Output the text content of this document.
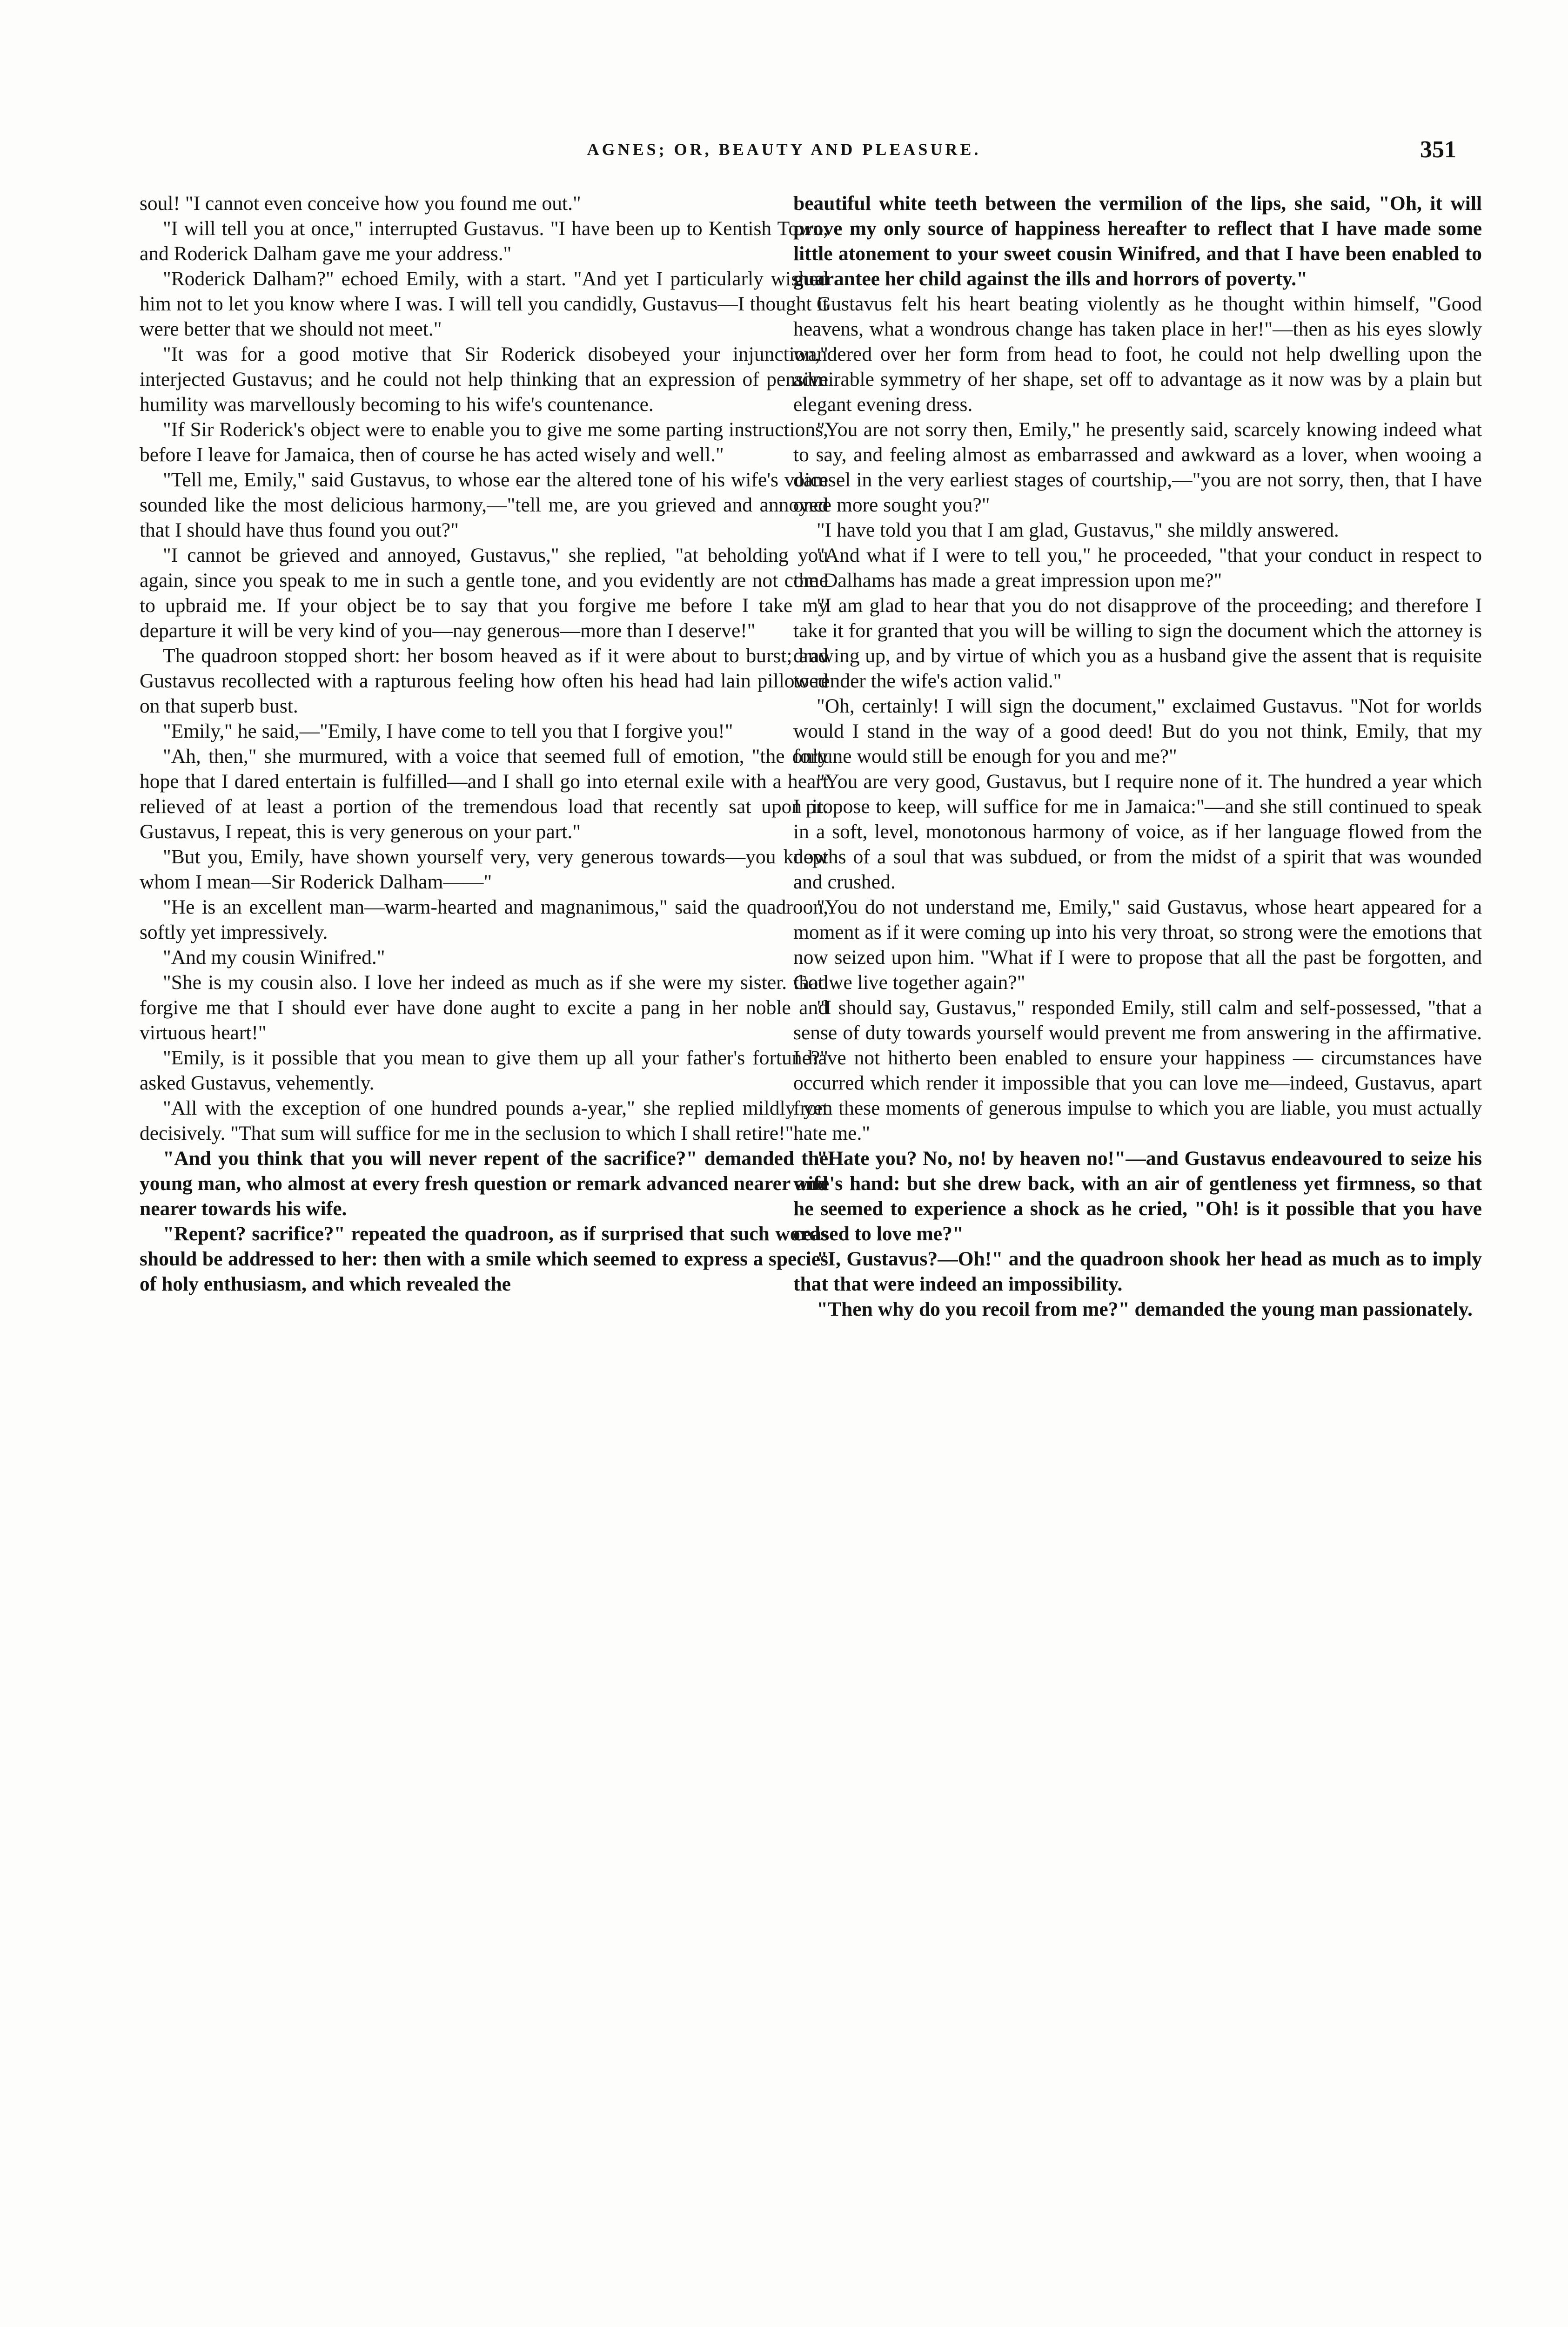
AGNES; OR, BEAUTY AND PLEASURE.	351

soul! "I cannot even conceive how you found me out."

"I will tell you at once," interrupted Gustavus. "I have been up to Kentish Town, and Roderick Dalham gave me your address."

"Roderick Dalham?" echoed Emily, with a start. "And yet I particularly wished him not to let you know where I was. I will tell you candidly, Gustavus—I thought it were better that we should not meet."

"It was for a good motive that Sir Roderick disobeyed your injunction," interjected Gustavus; and he could not help thinking that an expression of pensive humility was marvellously becoming to his wife's countenance.

"If Sir Roderick's object were to enable you to give me some parting instructions, before I leave for Jamaica, then of course he has acted wisely and well."

"Tell me, Emily," said Gustavus, to whose ear the altered tone of his wife's voice sounded like the most delicious harmony,—"tell me, are you grieved and annoyed that I should have thus found you out?"

"I cannot be grieved and annoyed, Gustavus," she replied, "at beholding you again, since you speak to me in such a gentle tone, and you evidently are not come to upbraid me. If your object be to say that you forgive me before I take my departure it will be very kind of you—nay generous—more than I deserve!"

The quadroon stopped short: her bosom heaved as if it were about to burst; and Gustavus recollected with a rapturous feeling how often his head had lain pillowed on that superb bust.

"Emily," he said,—"Emily, I have come to tell you that I forgive you!"

"Ah, then," she murmured, with a voice that seemed full of emotion, "the only hope that I dared entertain is fulfilled—and I shall go into eternal exile with a heart relieved of at least a portion of the tremendous load that recently sat upon it. Gustavus, I repeat, this is very generous on your part."

"But you, Emily, have shown yourself very, very generous towards—you know whom I mean—Sir Roderick Dalham——"

"He is an excellent man—warm-hearted and magnanimous," said the quadroon, softly yet impressively.

"And my cousin Winifred."

"She is my cousin also. I love her indeed as much as if she were my sister. God forgive me that I should ever have done aught to excite a pang in her noble and virtuous heart!"

"Emily, is it possible that you mean to give them up all your father's fortune?" asked Gustavus, vehemently.

"All with the exception of one hundred pounds a-year," she replied mildly yet decisively. "That sum will suffice for me in the seclusion to which I shall retire!"

"And you think that you will never repent of the sacrifice?" demanded the young man, who almost at every fresh question or remark advanced nearer and nearer towards his wife.

"Repent? sacrifice?" repeated the quadroon, as if surprised that such words should be addressed to her: then with a smile which seemed to express a species of holy enthusiasm, and which revealed the

beautiful white teeth between the vermilion of the lips, she said, "Oh, it will prove my only source of happiness hereafter to reflect that I have made some little atonement to your sweet cousin Winifred, and that I have been enabled to guarantee her child against the ills and horrors of poverty."

Gustavus felt his heart beating violently as he thought within himself, "Good heavens, what a wondrous change has taken place in her!"—then as his eyes slowly wandered over her form from head to foot, he could not help dwelling upon the admirable symmetry of her shape, set off to advantage as it now was by a plain but elegant evening dress.

"You are not sorry then, Emily," he presently said, scarcely knowing indeed what to say, and feeling almost as embarrassed and awkward as a lover, when wooing a damsel in the very earliest stages of courtship,—"you are not sorry, then, that I have once more sought you?"

"I have told you that I am glad, Gustavus," she mildly answered.

"And what if I were to tell you," he proceeded, "that your conduct in respect to the Dalhams has made a great impression upon me?"

"I am glad to hear that you do not disapprove of the proceeding; and therefore I take it for granted that you will be willing to sign the document which the attorney is drawing up, and by virtue of which you as a husband give the assent that is requisite to render the wife's action valid."

"Oh, certainly! I will sign the document," exclaimed Gustavus. "Not for worlds would I stand in the way of a good deed! But do you not think, Emily, that my fortune would still be enough for you and me?"

"You are very good, Gustavus, but I require none of it. The hundred a year which I propose to keep, will suffice for me in Jamaica:"—and she still continued to speak in a soft, level, monotonous harmony of voice, as if her language flowed from the depths of a soul that was subdued, or from the midst of a spirit that was wounded and crushed.

"You do not understand me, Emily," said Gustavus, whose heart appeared for a moment as if it were coming up into his very throat, so strong were the emotions that now seized upon him. "What if I were to propose that all the past be forgotten, and that we live together again?"

"I should say, Gustavus," responded Emily, still calm and self-possessed, "that a sense of duty towards yourself would prevent me from answering in the affirmative. I have not hitherto been enabled to ensure your happiness — circumstances have occurred which render it impossible that you can love me—indeed, Gustavus, apart from these moments of generous impulse to which you are liable, you must actually hate me."

"Hate you? No, no! by heaven no!"—and Gustavus endeavoured to seize his wife's hand: but she drew back, with an air of gentleness yet firmness, so that he seemed to experience a shock as he cried, "Oh! is it possible that you have ceased to love me?"

"I, Gustavus?—Oh!" and the quadroon shook her head as much as to imply that that were indeed an impossibility.

"Then why do you recoil from me?" demanded the young man passionately.
